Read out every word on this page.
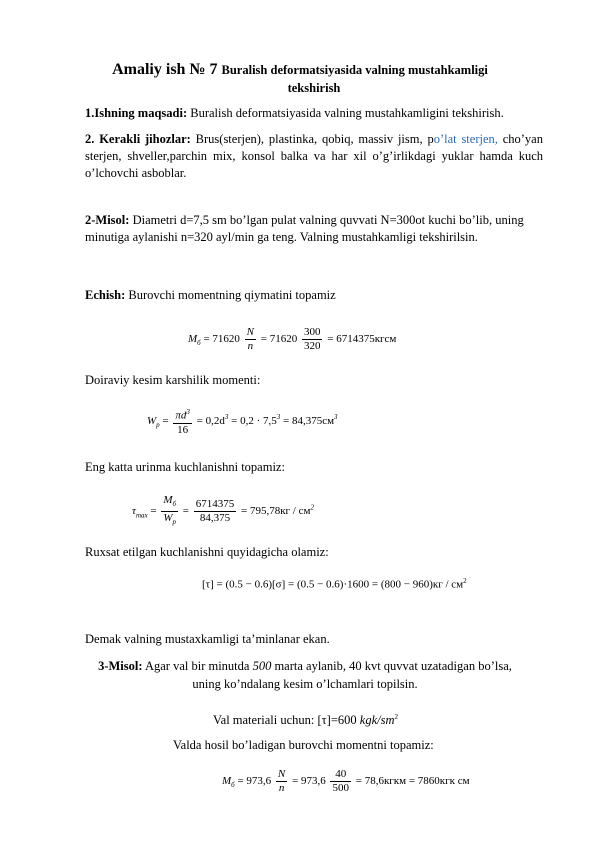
Amaliy ish № 7 Buralish deformatsiyasida valning mustahkamligi
tekshirish
1.Ishning maqsadi: Buralish deformatsiyasida valning mustahkamligini tekshirish.
2. Kerakli jihozlar: Brus(sterjen), plastinka, qobiq, massiv jism, po’lat sterjen, cho’yan sterjen, shveller,parchin mix, konsol balka va har xil o’g’irlikdagi yuklar hamda kuch o’lchovchi asboblar.
2-Misol: Diametri d=7,5 sm bo’lgan pulat valning quvvati N=300ot kuchi bo’lib, uning minutiga aylanishi n=320 ayl/min ga teng. Valning mustahkamligi tekshirilsin.
Echish: Burovchi momentning qiymatini topamiz
$M_б = 71620 \frac{N}{n} = 71620 \frac{300}{320}$ = 6714375кгсм
Doiraviy kesim karshilik momenti:
$W_р = \frac{\pi d^3}{16} = 0,2d^3 = 0,2 \cdot 7,5^3 = 84,375см^3$
Eng katta urinma kuchlanishni topamiz:
$\tau_{max} = \frac{M_б}{W_р} = \frac{6714375}{84,375} = 795,78кг / см^2$
Ruxsat etilgan kuchlanishni quyidagicha olamiz:
$[\tau] = (0.5 - 0.6)[\sigma] = (0.5 - 0.6)\cdot 1600 = (800 - 960)кг / см^2$
Demak valning mustaxkamligi ta’minlanar ekan.
3-Misol: Agar val bir minutda 500 marta aylanib, 40 kvt quvvat uzatadigan bo’lsa,
uning ko’ndalang kesim o’lchamlari topilsin.
Val materiali uchun: [τ]=600 kgk/$sm^2$
Valda hosil bo’ladigan burovchi momentni topamiz:
$M_б = 973,6 \frac{N}{n} = 973,6 \frac{40}{500}$ = 78,6кгкм = 7860кгк см
